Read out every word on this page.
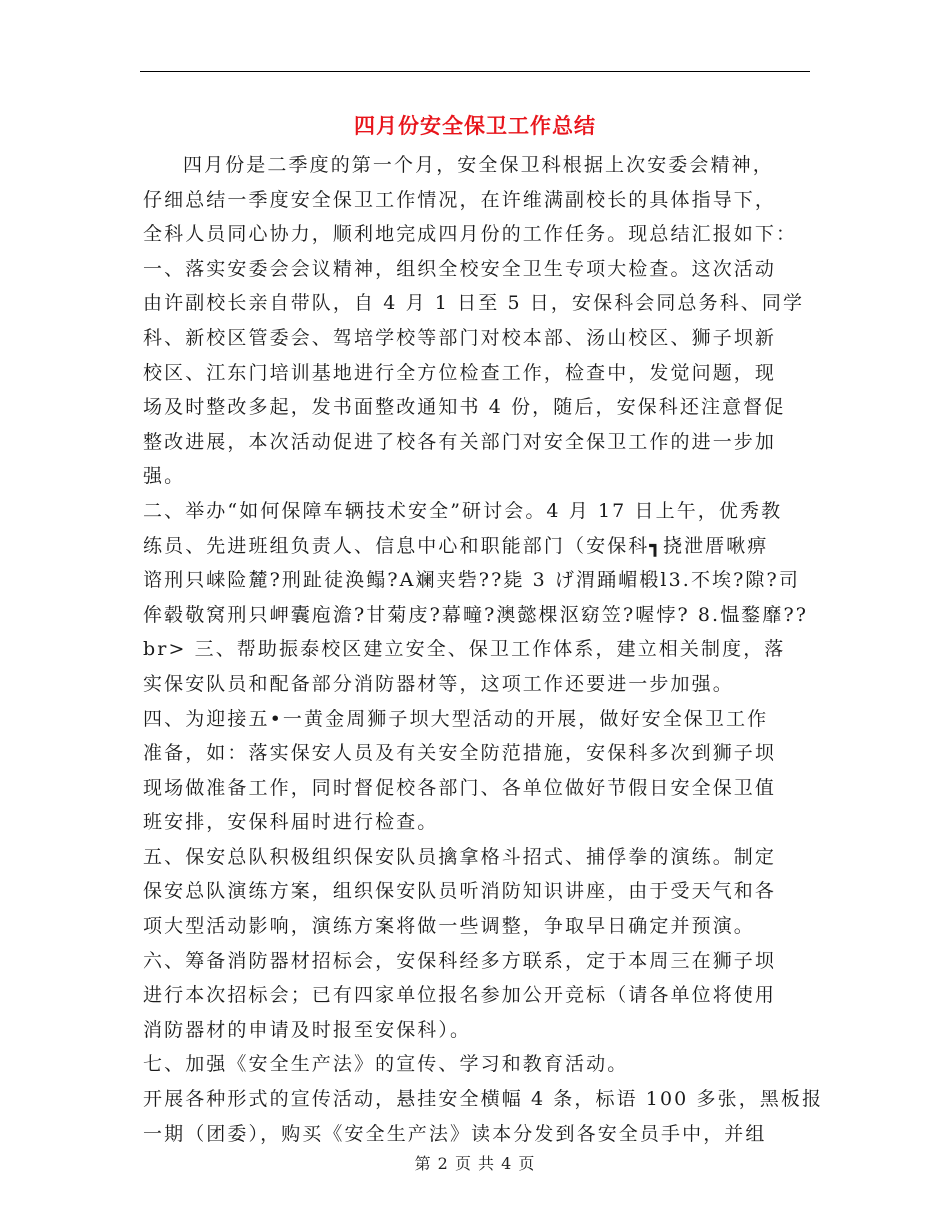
四月份安全保卫工作总结
四月份是二季度的第一个月，安全保卫科根据上次安委会精神，
仔细总结一季度安全保卫工作情况，在许维满副校长的具体指导下，
全科人员同心协力，顺利地完成四月份的工作任务。现总结汇报如下：
一、落实安委会会议精神，组织全校安全卫生专项大检查。这次活动
由许副校长亲自带队，自 4 月 1 日至 5 日，安保科会同总务科、同学
科、新校区管委会、驾培学校等部门对校本部、汤山校区、狮子坝新
校区、江东门培训基地进行全方位检查工作，检查中，发觉问题，现
场及时整改多起，发书面整改通知书 4 份，随后，安保科还注意督促
整改进展，本次活动促进了校各有关部门对安全保卫工作的进一步加
强。
二、举办“如何保障车辆技术安全”研讨会。4 月 17 日上午，优秀教
练员、先进班组负责人、信息中心和职能部门（安保科┓挠泄厝啾痹
谘刑只崃险麓?刑趾徒涣鳎?A斓夹砦??毙 3 げ渭踊嵋椴l3.不埃?隙?司
侔毂敬窝刑只岬囊庖澹?甘菊庋?幕疃?澳懿棵沤窈笠?喔悖? 8.愠鍪靡??
br> 三、帮助振泰校区建立安全、保卫工作体系，建立相关制度，落
实保安队员和配备部分消防器材等，这项工作还要进一步加强。
四、为迎接五•一黄金周狮子坝大型活动的开展，做好安全保卫工作
准备，如：落实保安人员及有关安全防范措施，安保科多次到狮子坝
现场做准备工作，同时督促校各部门、各单位做好节假日安全保卫值
班安排，安保科届时进行检查。
五、保安总队积极组织保安队员擒拿格斗招式、捕俘拳的演练。制定
保安总队演练方案，组织保安队员听消防知识讲座，由于受天气和各
项大型活动影响，演练方案将做一些调整，争取早日确定并预演。
六、筹备消防器材招标会，安保科经多方联系，定于本周三在狮子坝
进行本次招标会；已有四家单位报名参加公开竞标（请各单位将使用
消防器材的申请及时报至安保科）。
七、加强《安全生产法》的宣传、学习和教育活动。
开展各种形式的宣传活动，悬挂安全横幅 4 条，标语 100 多张，黑板报
一期（团委），购买《安全生产法》读本分发到各安全员手中，并组
第 2 页 共 4 页
